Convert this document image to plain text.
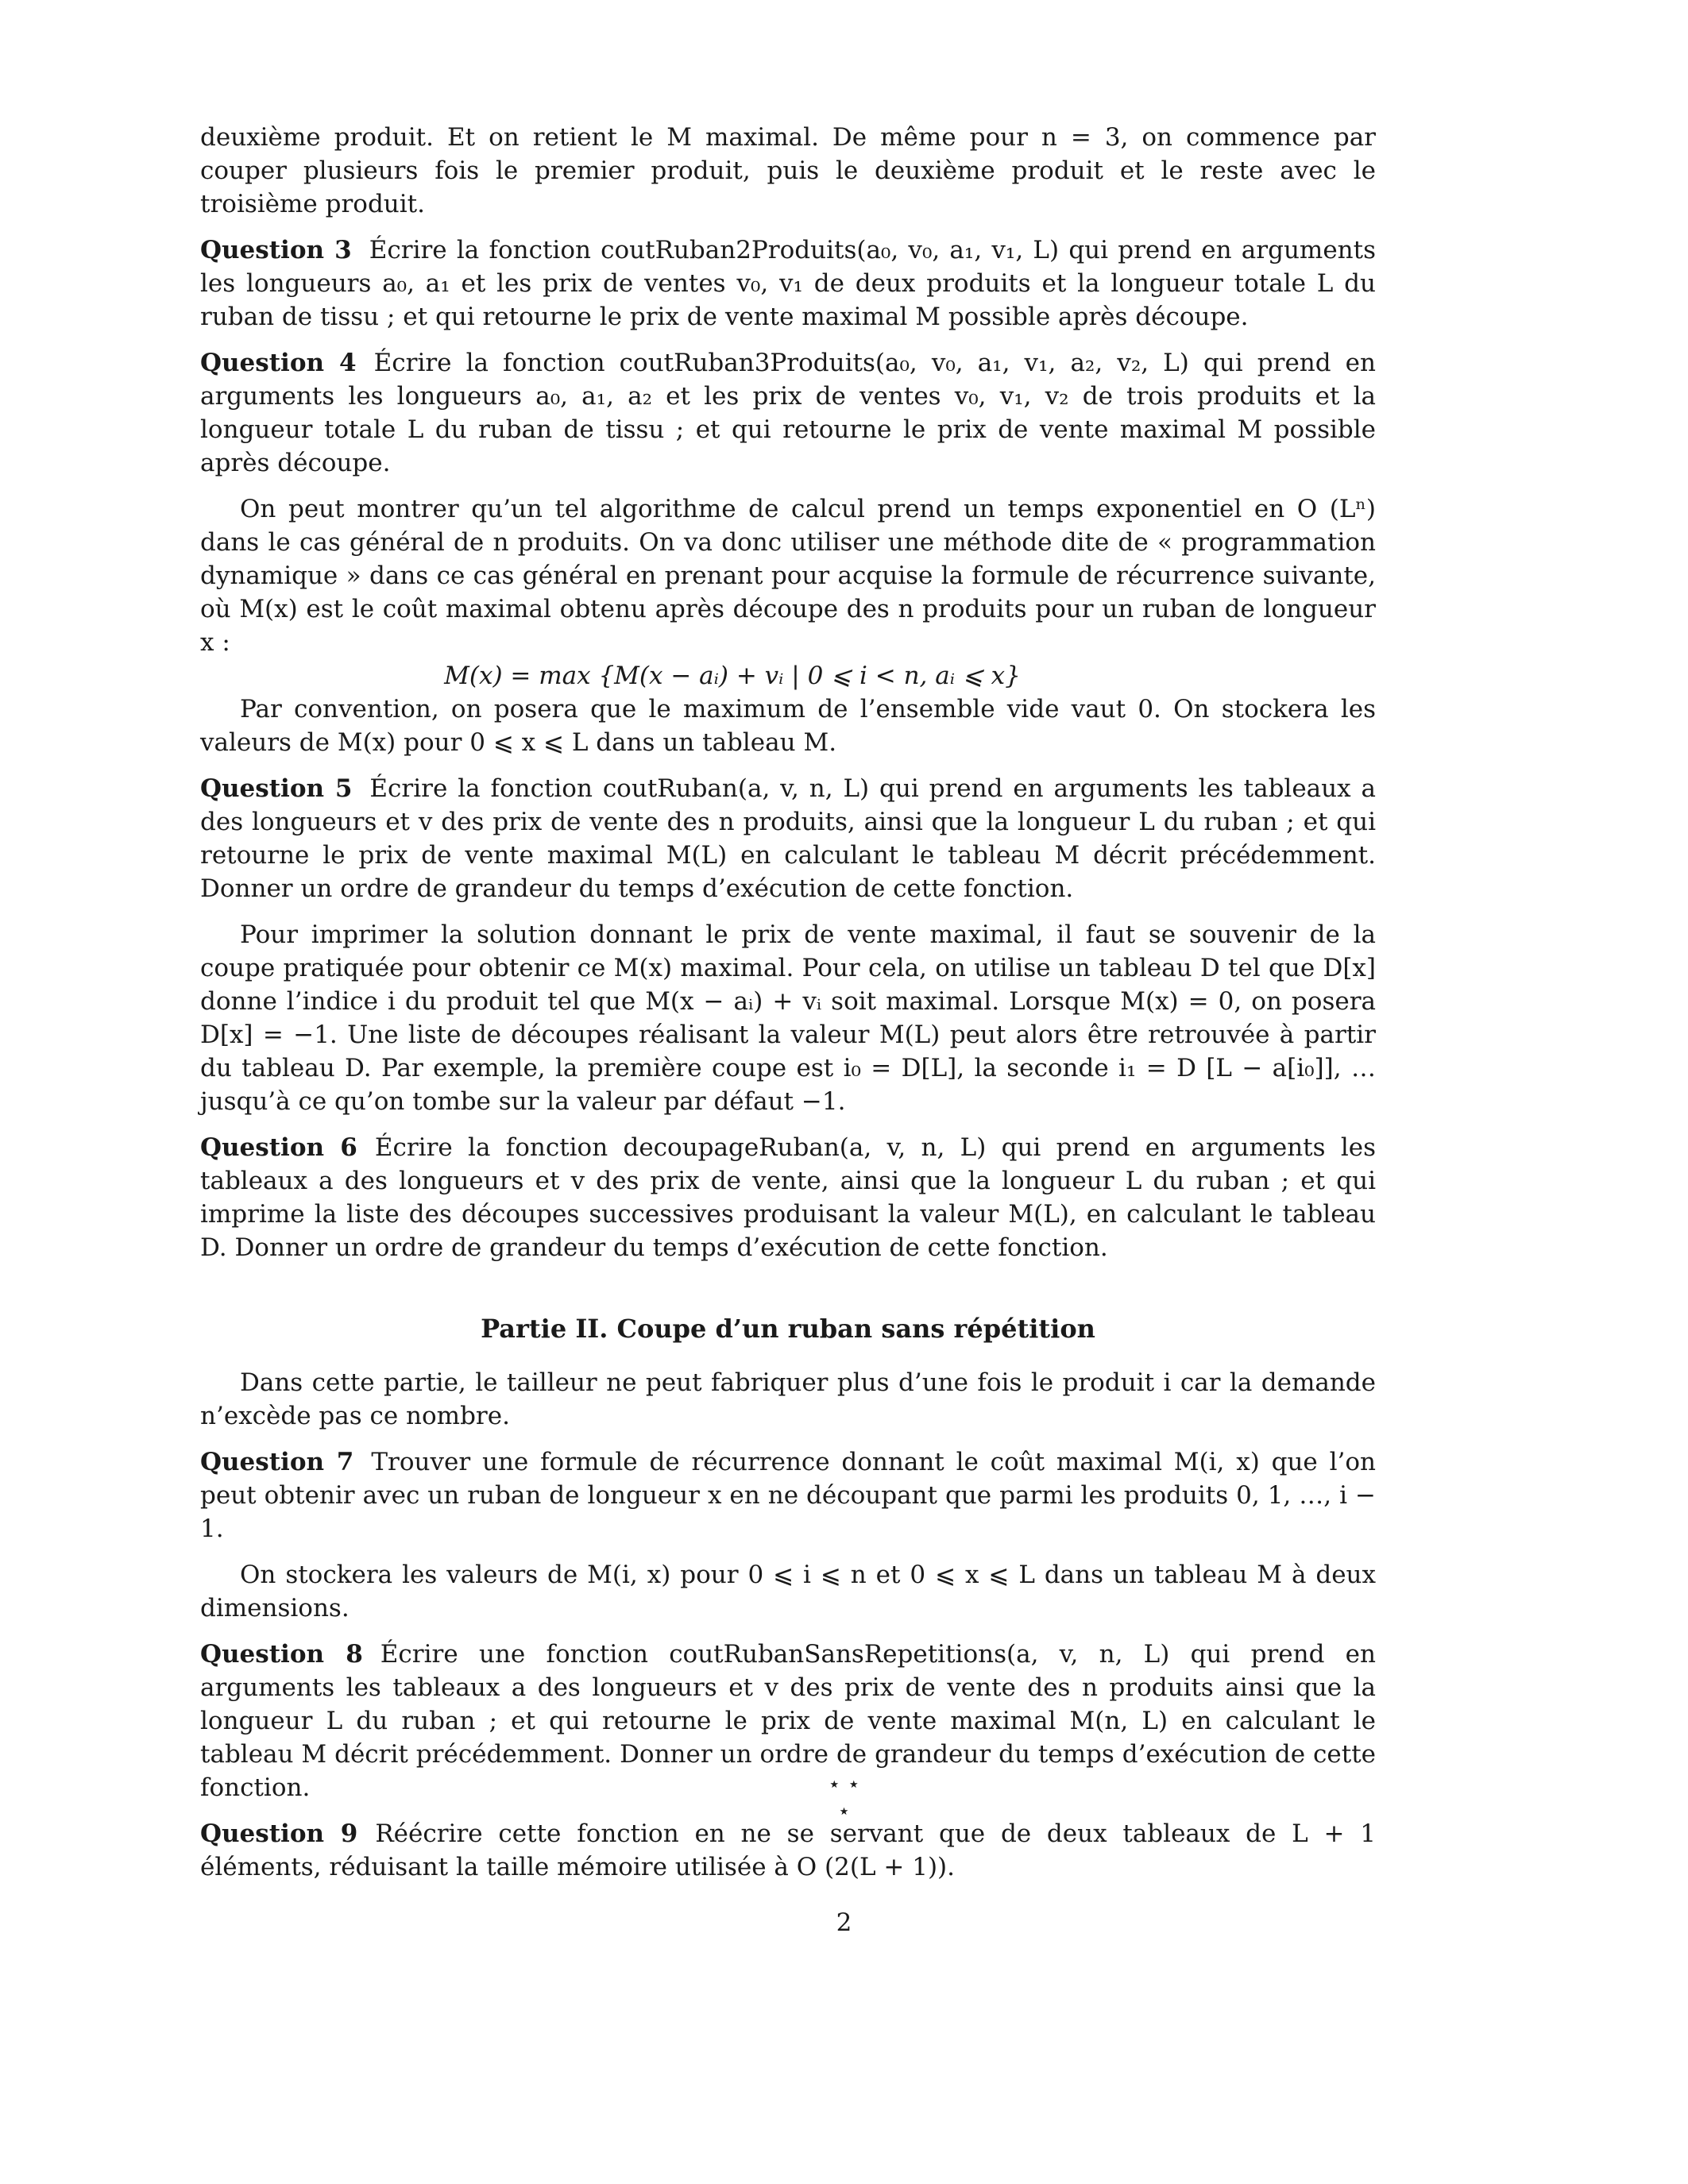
deuxième produit. Et on retient le M maximal. De même pour n = 3, on commence par couper plusieurs fois le premier produit, puis le deuxième produit et le reste avec le troisième produit.

Question 3 Écrire la fonction coutRuban2Produits(a₀, v₀, a₁, v₁, L) qui prend en arguments les longueurs a₀, a₁ et les prix de ventes v₀, v₁ de deux produits et la longueur totale L du ruban de tissu ; et qui retourne le prix de vente maximal M possible après découpe.

Question 4 Écrire la fonction coutRuban3Produits(a₀, v₀, a₁, v₁, a₂, v₂, L) qui prend en arguments les longueurs a₀, a₁, a₂ et les prix de ventes v₀, v₁, v₂ de trois produits et la longueur totale L du ruban de tissu ; et qui retourne le prix de vente maximal M possible après découpe.

On peut montrer qu’un tel algorithme de calcul prend un temps exponentiel en O (Lⁿ) dans le cas général de n produits. On va donc utiliser une méthode dite de « programmation dynamique » dans ce cas général en prenant pour acquise la formule de récurrence suivante, où M(x) est le coût maximal obtenu après découpe des n produits pour un ruban de longueur x :

M(x) = max {M(x − aᵢ) + vᵢ | 0 ⩽ i < n, aᵢ ⩽ x}

Par convention, on posera que le maximum de l’ensemble vide vaut 0. On stockera les valeurs de M(x) pour 0 ⩽ x ⩽ L dans un tableau M.

Question 5 Écrire la fonction coutRuban(a, v, n, L) qui prend en arguments les tableaux a des longueurs et v des prix de vente des n produits, ainsi que la longueur L du ruban ; et qui retourne le prix de vente maximal M(L) en calculant le tableau M décrit précédemment. Donner un ordre de grandeur du temps d’exécution de cette fonction.

Pour imprimer la solution donnant le prix de vente maximal, il faut se souvenir de la coupe pratiquée pour obtenir ce M(x) maximal. Pour cela, on utilise un tableau D tel que D[x] donne l’indice i du produit tel que M(x − aᵢ) + vᵢ soit maximal. Lorsque M(x) = 0, on posera D[x] = −1. Une liste de découpes réalisant la valeur M(L) peut alors être retrouvée à partir du tableau D. Par exemple, la première coupe est i₀ = D[L], la seconde i₁ = D [L − a[i₀]], … jusqu’à ce qu’on tombe sur la valeur par défaut −1.

Question 6 Écrire la fonction decoupageRuban(a, v, n, L) qui prend en arguments les tableaux a des longueurs et v des prix de vente, ainsi que la longueur L du ruban ; et qui imprime la liste des découpes successives produisant la valeur M(L), en calculant le tableau D. Donner un ordre de grandeur du temps d’exécution de cette fonction.

Partie II. Coupe d’un ruban sans répétition

Dans cette partie, le tailleur ne peut fabriquer plus d’une fois le produit i car la demande n’excède pas ce nombre.

Question 7 Trouver une formule de récurrence donnant le coût maximal M(i, x) que l’on peut obtenir avec un ruban de longueur x en ne découpant que parmi les produits 0, 1, …, i − 1.

On stockera les valeurs de M(i, x) pour 0 ⩽ i ⩽ n et 0 ⩽ x ⩽ L dans un tableau M à deux dimensions.

Question 8 Écrire une fonction coutRubanSansRepetitions(a, v, n, L) qui prend en arguments les tableaux a des longueurs et v des prix de vente des n produits ainsi que la longueur L du ruban ; et qui retourne le prix de vente maximal M(n, L) en calculant le tableau M décrit précédemment. Donner un ordre de grandeur du temps d’exécution de cette fonction.

Question 9 Réécrire cette fonction en ne se servant que de deux tableaux de L + 1 éléments, réduisant la taille mémoire utilisée à O (2(L + 1)).

⋆ ⋆
⋆
2
